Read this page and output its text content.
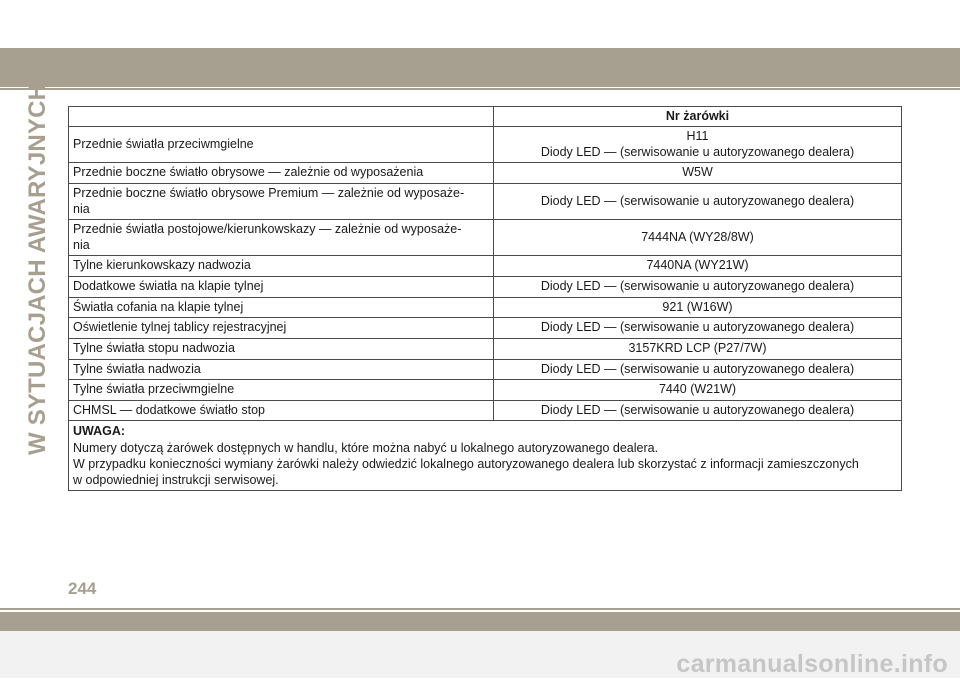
W SYTUACJACH AWARYJNYCH
		Nr żarówki
Przednie światła przeciwmgielne	H11
Diody LED — (serwisowanie u autoryzowanego dealera)

Przednie boczne światło obrysowe — zależnie od wyposażenia	W5W
Przednie boczne światło obrysowe Premium — zależnie od wyposaże-
nia	Diody LED — (serwisowanie u autoryzowanego dealera)
Przednie światła postojowe/kierunkowskazy — zależnie od wyposaże-
nia	7444NA (WY28/8W)
Tylne kierunkowskazy nadwozia	7440NA (WY21W)
Dodatkowe światła na klapie tylnej	Diody LED — (serwisowanie u autoryzowanego dealera)
Światła cofania na klapie tylnej	921 (W16W)
Oświetlenie tylnej tablicy rejestracyjnej	Diody LED — (serwisowanie u autoryzowanego dealera)
Tylne światła stopu nadwozia	3157KRD LCP (P27/7W)
Tylne światła nadwozia	Diody LED — (serwisowanie u autoryzowanego dealera)
Tylne światła przeciwmgielne	7440 (W21W)
CHMSL — dodatkowe światło stop	Diody LED — (serwisowanie u autoryzowanego dealera)

UWAGA:
Numery dotyczą żarówek dostępnych w handlu, które można nabyć u lokalnego autoryzowanego dealera.
W przypadku konieczności wymiany żarówki należy odwiedzić lokalnego autoryzowanego dealera lub skorzystać z informacji zamieszczonych
w odpowiedniej instrukcji serwisowej.	
244
carmanualsonline.info
